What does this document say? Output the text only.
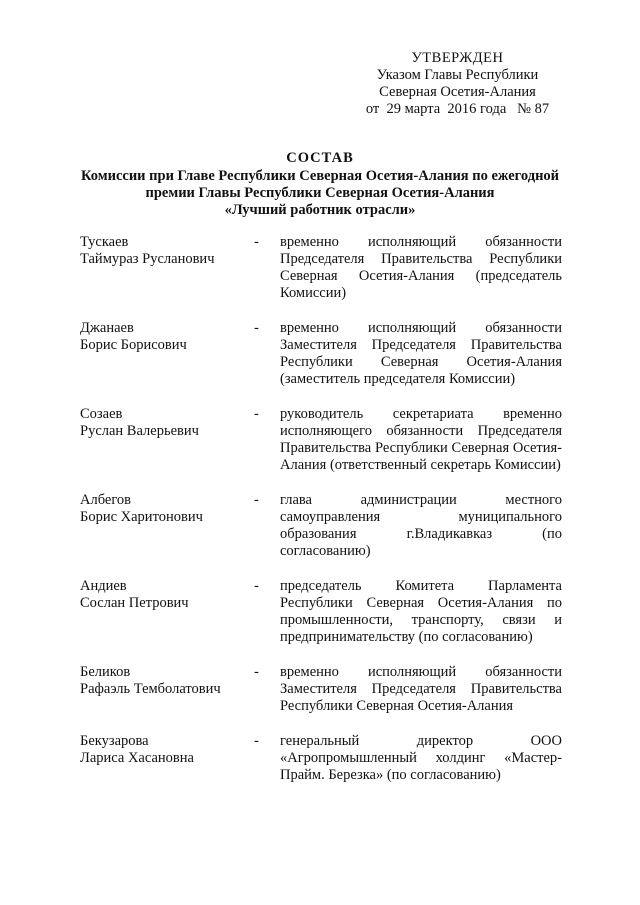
УТВЕРЖДЕН
Указом Главы Республики
Северная Осетия-Алания
от  29 марта  2016 года   № 87
СОСТАВ
Комиссии при Главе Республики Северная Осетия-Алания по ежегодной
премии Главы Республики Северная Осетия-Алания
«Лучший работник отрасли»
Тускаев
Таймураз Русланович
- временно исполняющий обязанности Председателя Правительства Республики Северная Осетия-Алания (председатель Комиссии)
Джанаев
Борис Борисович
- временно исполняющий обязанности Заместителя Председателя Правительства Республики Северная Осетия-Алания (заместитель председателя Комиссии)
Созаев
Руслан Валерьевич
- руководитель секретариата временно исполняющего обязанности Председателя Правительства Республики Северная Осетия-Алания (ответственный секретарь Комиссии)
Албегов
Борис Харитонович
- глава администрации местного самоуправления муниципального образования г.Владикавказ (по согласованию)
Андиев
Сослан Петрович
- председатель Комитета Парламента Республики Северная Осетия-Алания по промышленности, транспорту, связи и предпринимательству (по согласованию)
Беликов
Рафаэль Темболатович
- временно исполняющий обязанности Заместителя Председателя Правительства Республики Северная Осетия-Алания
Бекузарова
Лариса Хасановна
- генеральный директор ООО «Агропромышленный холдинг «Мастер-Прайм. Березка» (по согласованию)
